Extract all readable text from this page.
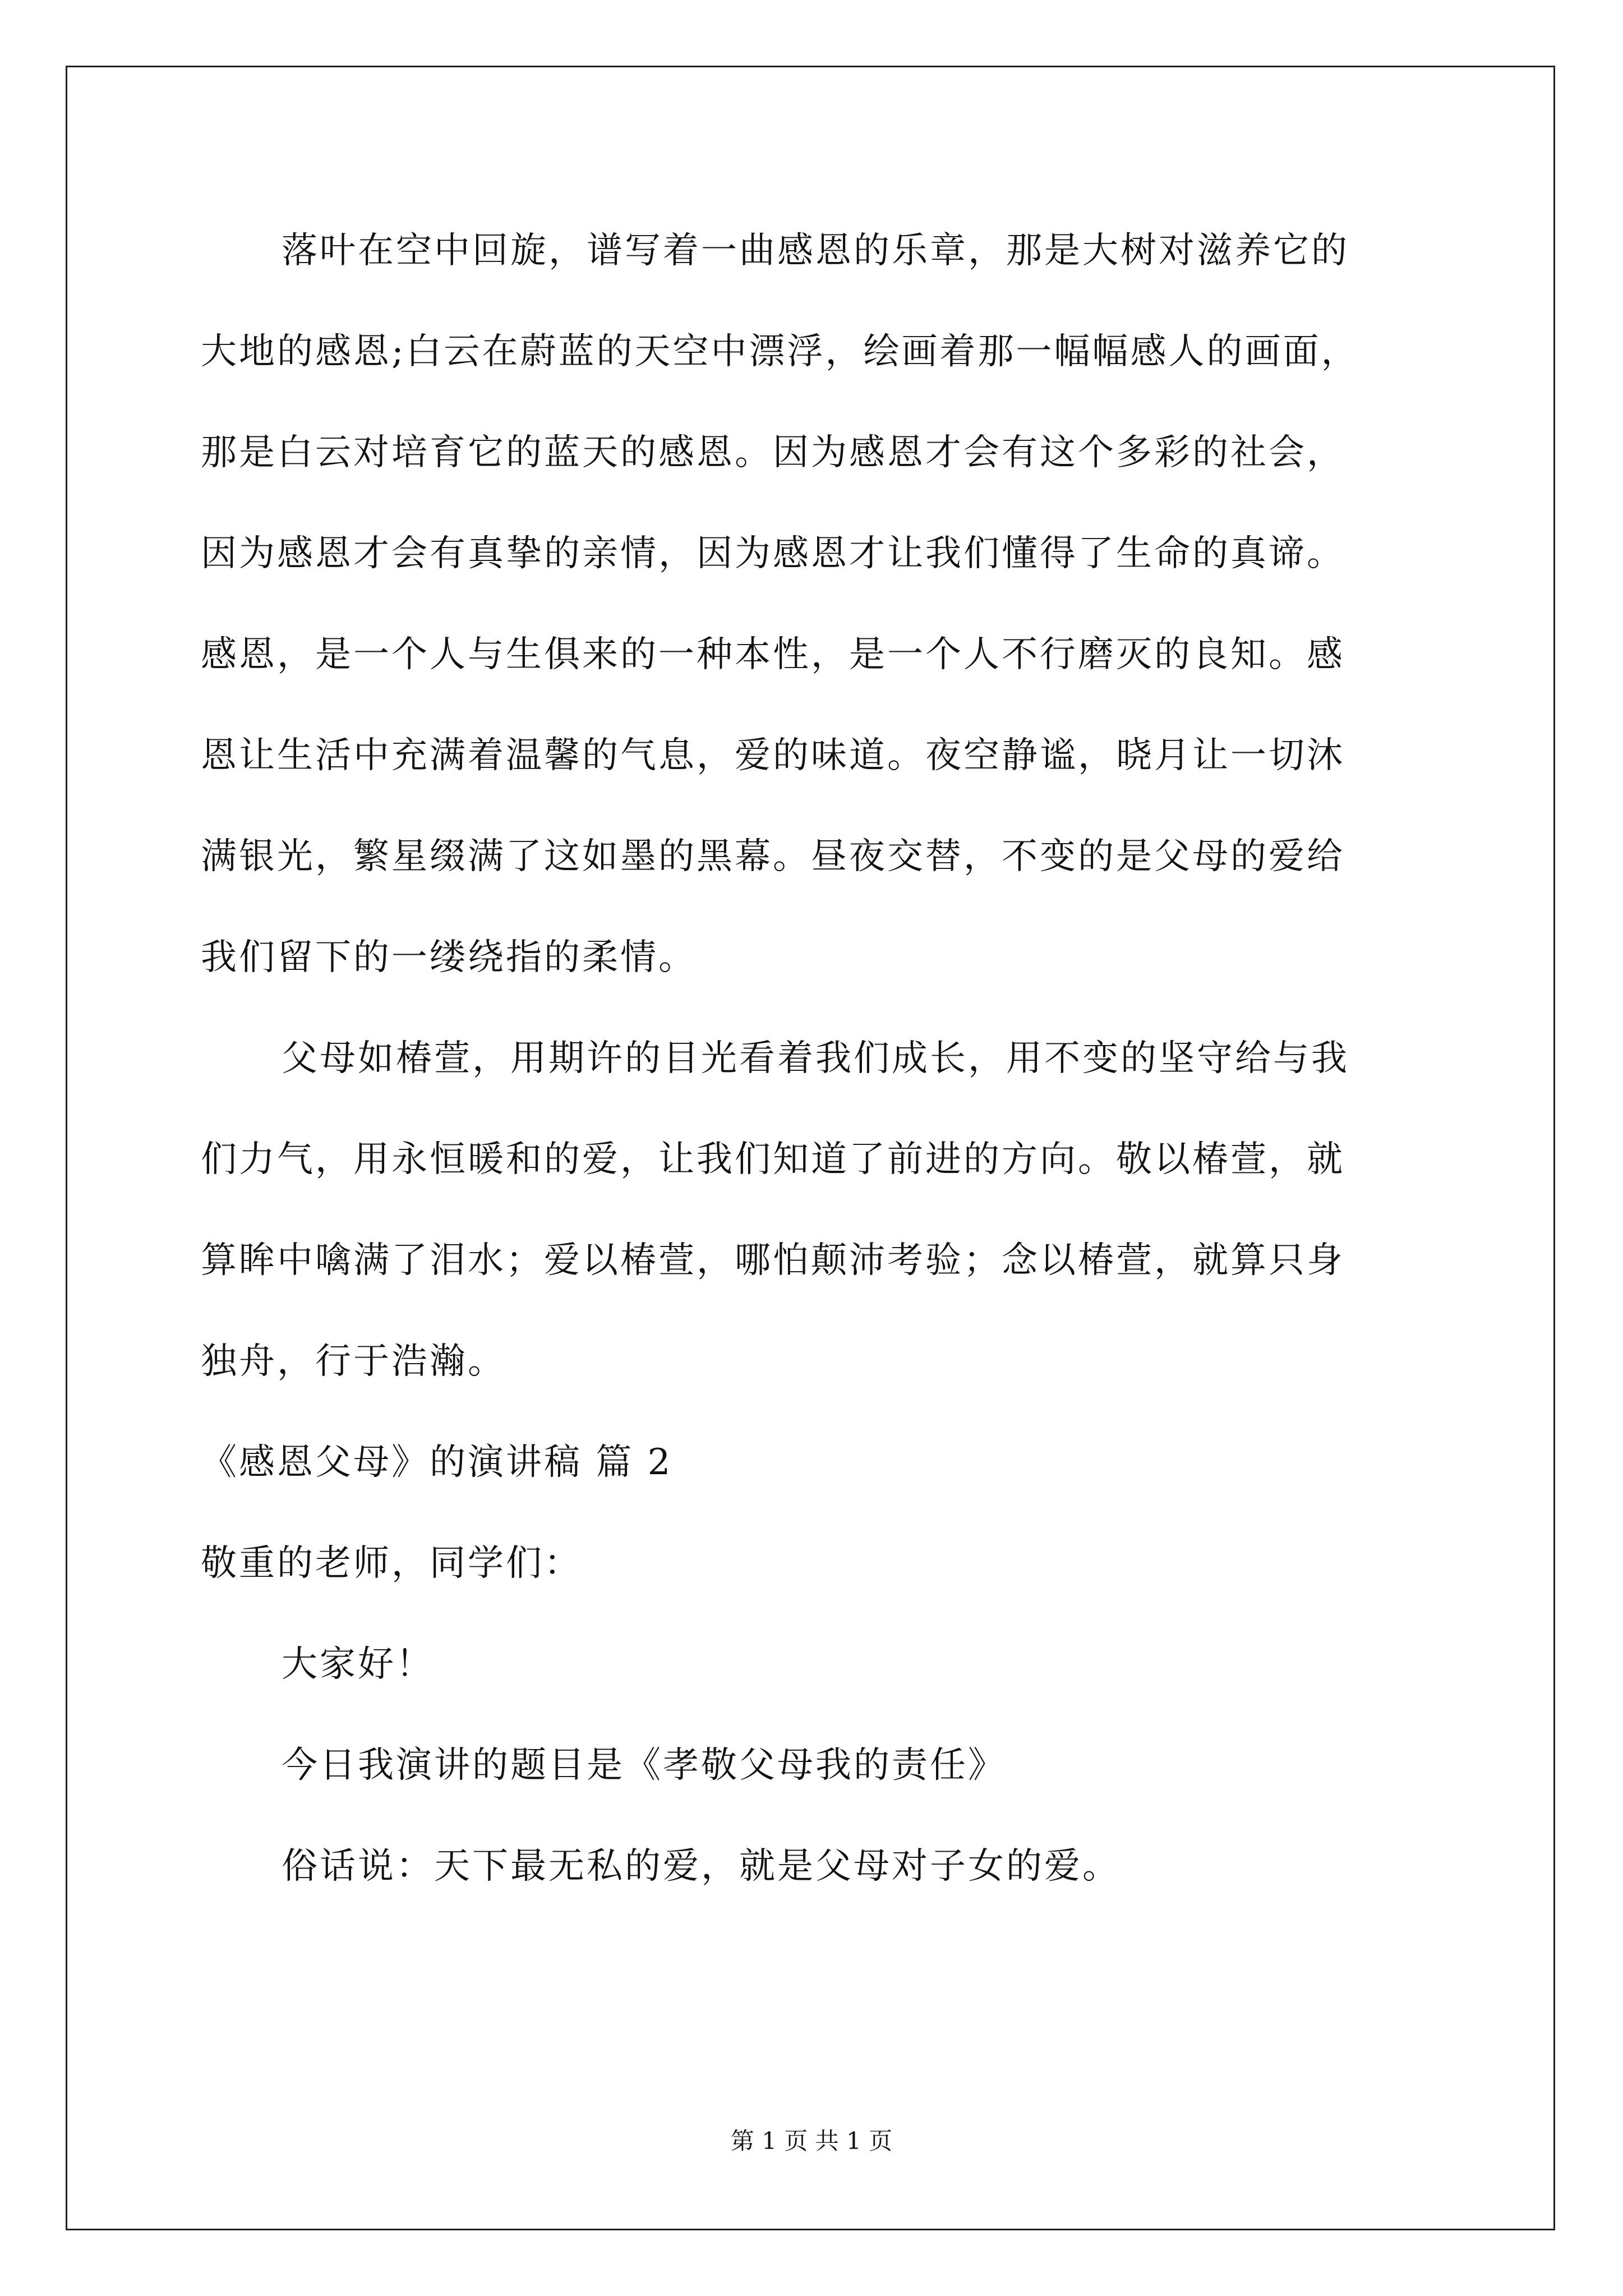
落叶在空中回旋，谱写着一曲感恩的乐章，那是大树对滋养它的

大地的感恩;白云在蔚蓝的天空中漂浮，绘画着那一幅幅感人的画面，

那是白云对培育它的蓝天的感恩。因为感恩才会有这个多彩的社会，

因为感恩才会有真挚的亲情，因为感恩才让我们懂得了生命的真谛。

感恩，是一个人与生俱来的一种本性，是一个人不行磨灭的良知。感

恩让生活中充满着温馨的气息，爱的味道。夜空静谧，晓月让一切沐

满银光，繁星缀满了这如墨的黑幕。昼夜交替，不变的是父母的爱给

我们留下的一缕绕指的柔情。

父母如椿萱，用期许的目光看着我们成长，用不变的坚守给与我

们力气，用永恒暖和的爱，让我们知道了前进的方向。敬以椿萱，就

算眸中噙满了泪水；爱以椿萱，哪怕颠沛考验；念以椿萱，就算只身

独舟，行于浩瀚。

《感恩父母》的演讲稿 篇 2

敬重的老师，同学们：

大家好！

今日我演讲的题目是《孝敬父母我的责任》

俗话说：天下最无私的爱，就是父母对子女的爱。

第 1 页 共 1 页
